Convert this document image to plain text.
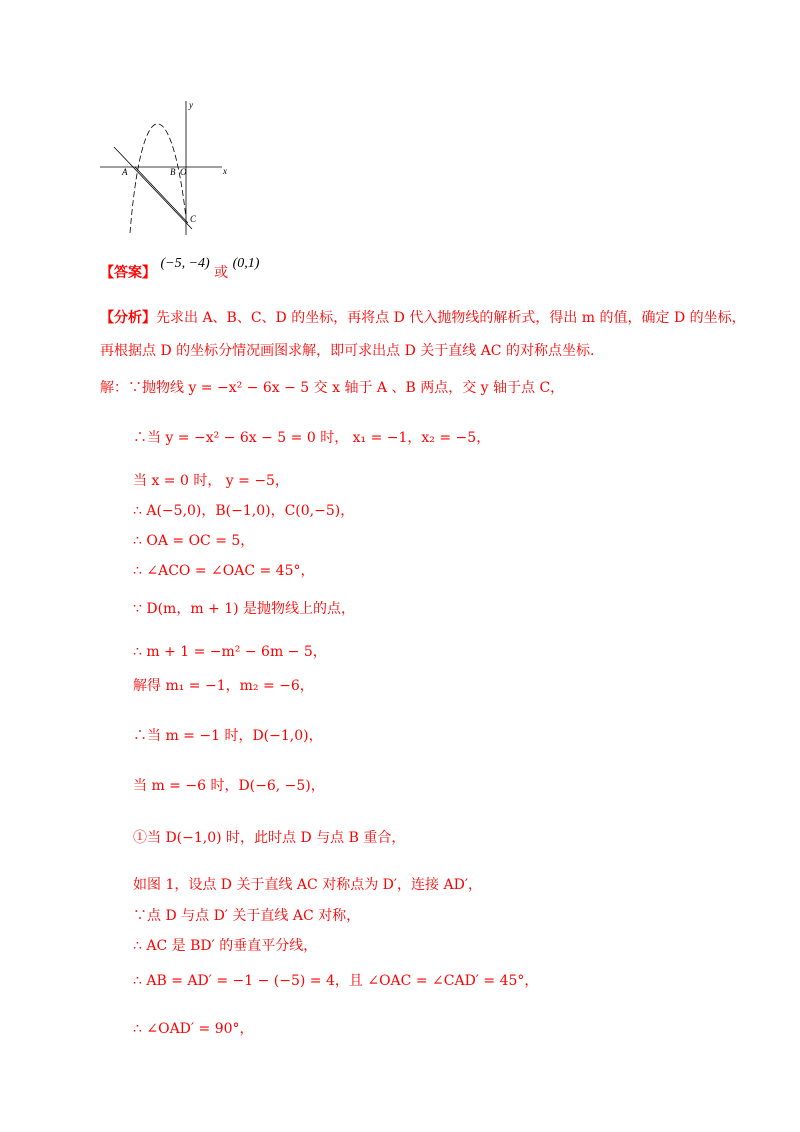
y
x
A	B O
C
【答案】 (−5, −4) 或 (0,1)
【分析】先求出 A、B、C、D 的坐标，再将点 D 代入抛物线的解析式，得出 m 的值，确定 D 的坐标，
再根据点 D 的坐标分情况画图求解，即可求出点 D 关于直线 AC 的对称点坐标.
解：∵抛物线 y = −x² − 6x − 5 交 x 轴于 A 、B 两点，交 y 轴于点 C，
∴当 y = −x² − 6x − 5 = 0 时， x₁ = −1，x₂ = −5，
当 x = 0 时， y = −5，
∴ A(−5,0)，B(−1,0)，C(0,−5)，
∴ OA = OC = 5，
∴ ∠ACO = ∠OAC = 45°，
∵ D(m，m + 1) 是抛物线上的点，
∴ m + 1 = −m² − 6m − 5，
解得 m₁ = −1，m₂ = −6，
∴当 m = −1 时，D(−1,0)，
当 m = −6 时，D(−6, −5)，
①当 D(−1,0) 时，此时点 D 与点 B 重合，
如图 1，设点 D 关于直线 AC 对称点为 D′，连接 AD′，
∵点 D 与点 D′ 关于直线 AC 对称，
∴ AC 是 BD′ 的垂直平分线，
∴ AB = AD′ = −1 − (−5) = 4，且 ∠OAC = ∠CAD′ = 45°，
∴ ∠OAD′ = 90°，
